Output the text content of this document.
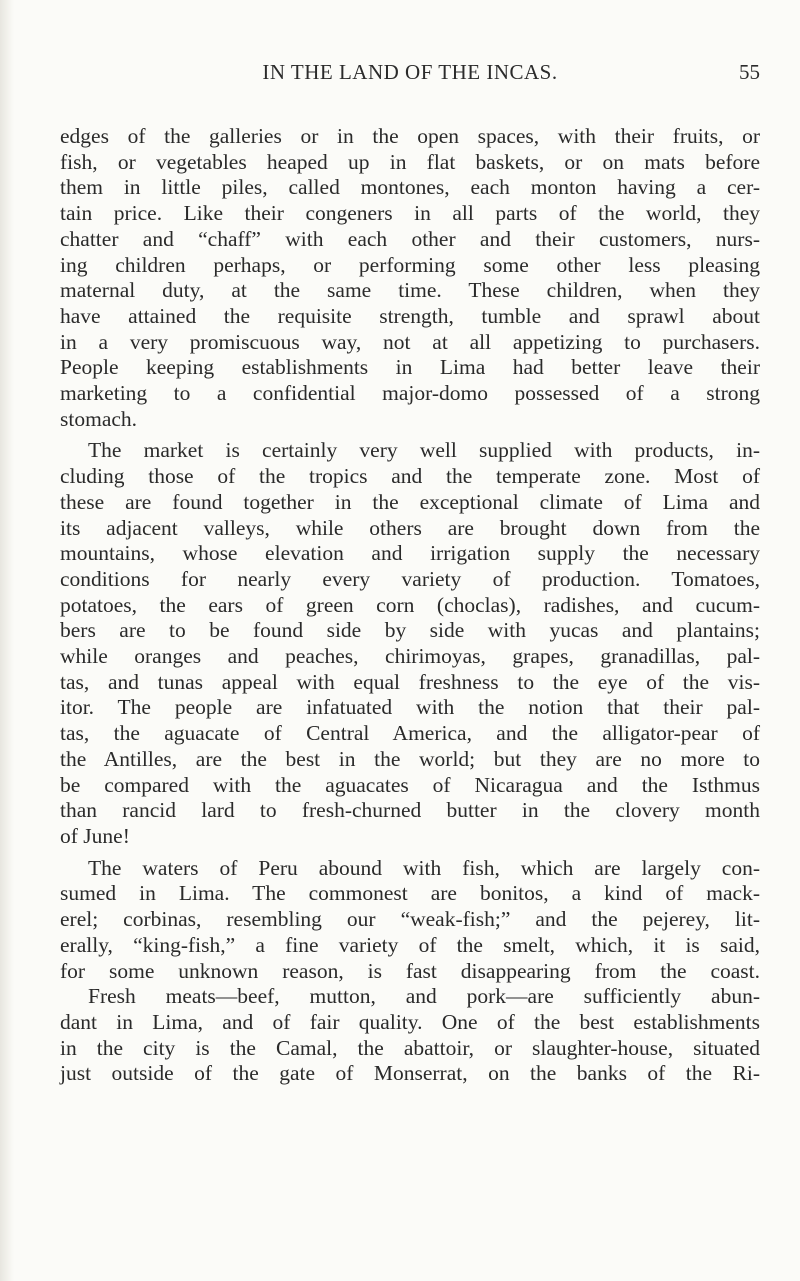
IN THE LAND OF THE INCAS.	55

edges of the galleries or in the open spaces, with their fruits, or
fish, or vegetables heaped up in flat baskets, or on mats before
them in little piles, called montones, each monton having a cer-
tain price. Like their congeners in all parts of the world, they
chatter and “chaff” with each other and their customers, nurs-
ing children perhaps, or performing some other less pleasing
maternal duty, at the same time. These children, when they
have attained the requisite strength, tumble and sprawl about
in a very promiscuous way, not at all appetizing to purchasers.
People keeping establishments in Lima had better leave their
marketing to a confidential major-domo possessed of a strong
stomach.

The market is certainly very well supplied with products, in-
cluding those of the tropics and the temperate zone. Most of
these are found together in the exceptional climate of Lima and
its adjacent valleys, while others are brought down from the
mountains, whose elevation and irrigation supply the necessary
conditions for nearly every variety of production. Tomatoes,
potatoes, the ears of green corn (choclas), radishes, and cucum-
bers are to be found side by side with yucas and plantains;
while oranges and peaches, chirimoyas, grapes, granadillas, pal-
tas, and tunas appeal with equal freshness to the eye of the vis-
itor. The people are infatuated with the notion that their pal-
tas, the aguacate of Central America, and the alligator-pear of
the Antilles, are the best in the world; but they are no more to
be compared with the aguacates of Nicaragua and the Isthmus
than rancid lard to fresh-churned butter in the clovery month
of June!

The waters of Peru abound with fish, which are largely con-
sumed in Lima. The commonest are bonitos, a kind of mack-
erel; corbinas, resembling our “weak-fish;” and the pejerey, lit-
erally, “king-fish,” a fine variety of the smelt, which, it is said,
for some unknown reason, is fast disappearing from the coast.
Fresh meats—beef, mutton, and pork—are sufficiently abun-
dant in Lima, and of fair quality. One of the best establishments
in the city is the Camal, the abattoir, or slaughter-house, situated
just outside of the gate of Monserrat, on the banks of the Ri-
